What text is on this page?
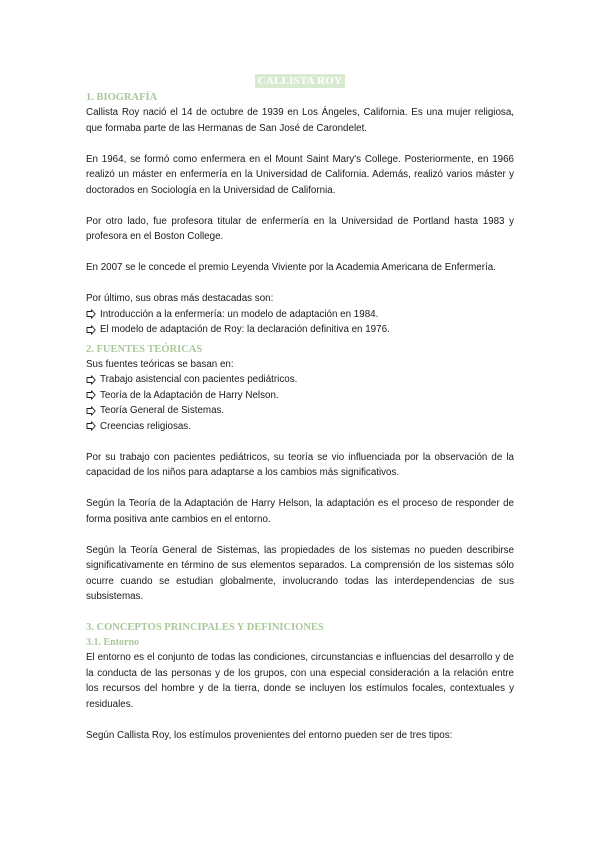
CALLISTA ROY
1. BIOGRAFÍA

Callista Roy nació el 14 de octubre de 1939 en Los Ángeles, California. Es una mujer religiosa, que formaba parte de las Hermanas de San José de Carondelet.

En 1964, se formó como enfermera en el Mount Saint Mary's College. Posteriormente, en 1966 realizó un máster en enfermería en la Universidad de California. Además, realizó varios máster y doctorados en Sociología en la Universidad de California.

Por otro lado, fue profesora titular de enfermería en la Universidad de Portland hasta 1983 y profesora en el Boston College.

En 2007 se le concede el premio Leyenda Viviente por la Academia Americana de Enfermería.

Por último, sus obras más destacadas son:

Introducción a la enfermería: un modelo de adaptación en 1984.
El modelo de adaptación de Roy: la declaración definitiva en 1976.
2. FUENTES TEÓRICAS

Sus fuentes teóricas se basan en:

Trabajo asistencial con pacientes pediátricos.
Teoría de la Adaptación de Harry Nelson.
Teoría General de Sistemas.
Creencias religiosas.

Por su trabajo con pacientes pediátricos, su teoría se vio influenciada por la observación de la capacidad de los niños para adaptarse a los cambios más significativos.

Según la Teoría de la Adaptación de Harry Helson, la adaptación es el proceso de responder de forma positiva ante cambios en el entorno.

Según la Teoría General de Sistemas, las propiedades de los sistemas no pueden describirse significativamente en término de sus elementos separados. La comprensión de los sistemas sólo ocurre cuando se estudian globalmente, involucrando todas las interdependencias de sus subsistemas.

3. CONCEPTOS PRINCIPALES Y DEFINICIONES
3.1. Entorno

El entorno es el conjunto de todas las condiciones, circunstancias e influencias del desarrollo y de la conducta de las personas y de los grupos, con una especial consideración a la relación entre los recursos del hombre y de la tierra, donde se incluyen los estímulos focales, contextuales y residuales.

Según Callista Roy, los estímulos provenientes del entorno pueden ser de tres tipos:
